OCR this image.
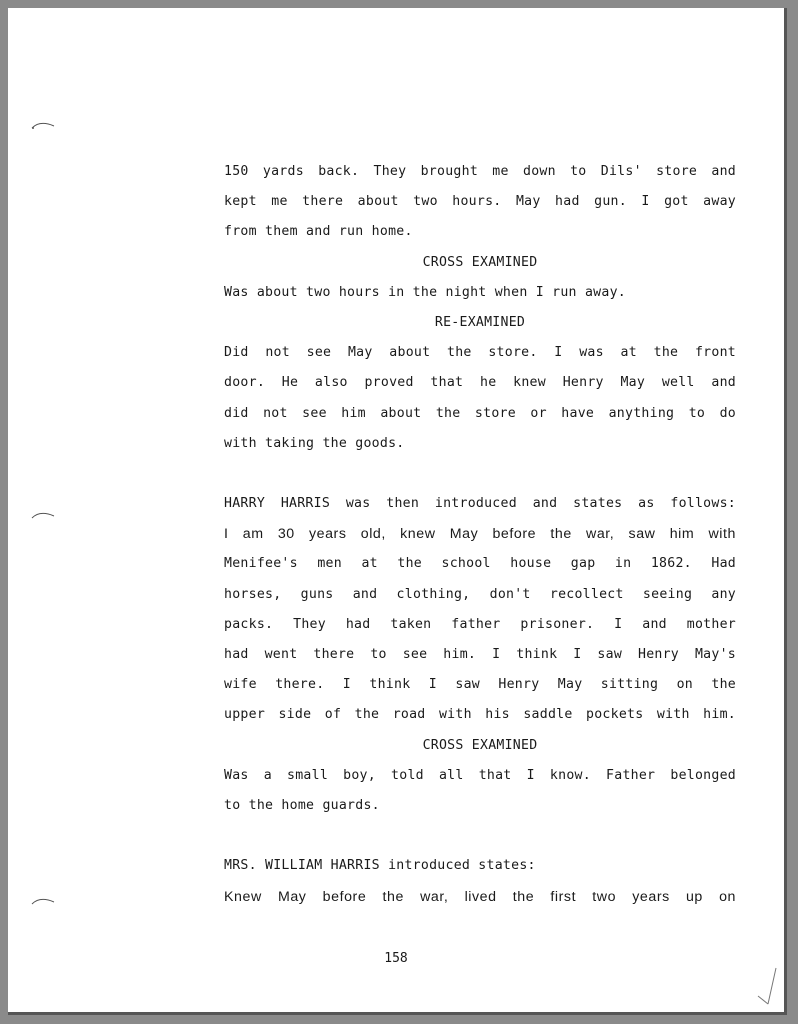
150 yards back. They brought me down to Dils' store and
kept me there about two hours. May had gun. I got away
from them and run home.
CROSS EXAMINED
Was about two hours in the night when I run away.
RE-EXAMINED
Did not see May about the store. I was at the front
door. He also proved that he knew Henry May well and
did not see him about the store or have anything to do
with taking the goods.
HARRY HARRIS was then introduced and states as follows:
I am 30 years old, knew May before the war, saw him with
Menifee's men at the school house gap in 1862. Had
horses, guns and clothing, don't recollect seeing any
packs. They had taken father prisoner. I and mother
had went there to see him. I think I saw Henry May's
wife there. I think I saw Henry May sitting on the
upper side of the road with his saddle pockets with him.
CROSS EXAMINED
Was a small boy, told all that I know. Father belonged
to the home guards.
MRS. WILLIAM HARRIS introduced states:
Knew May before the war, lived the first two years up on
158
